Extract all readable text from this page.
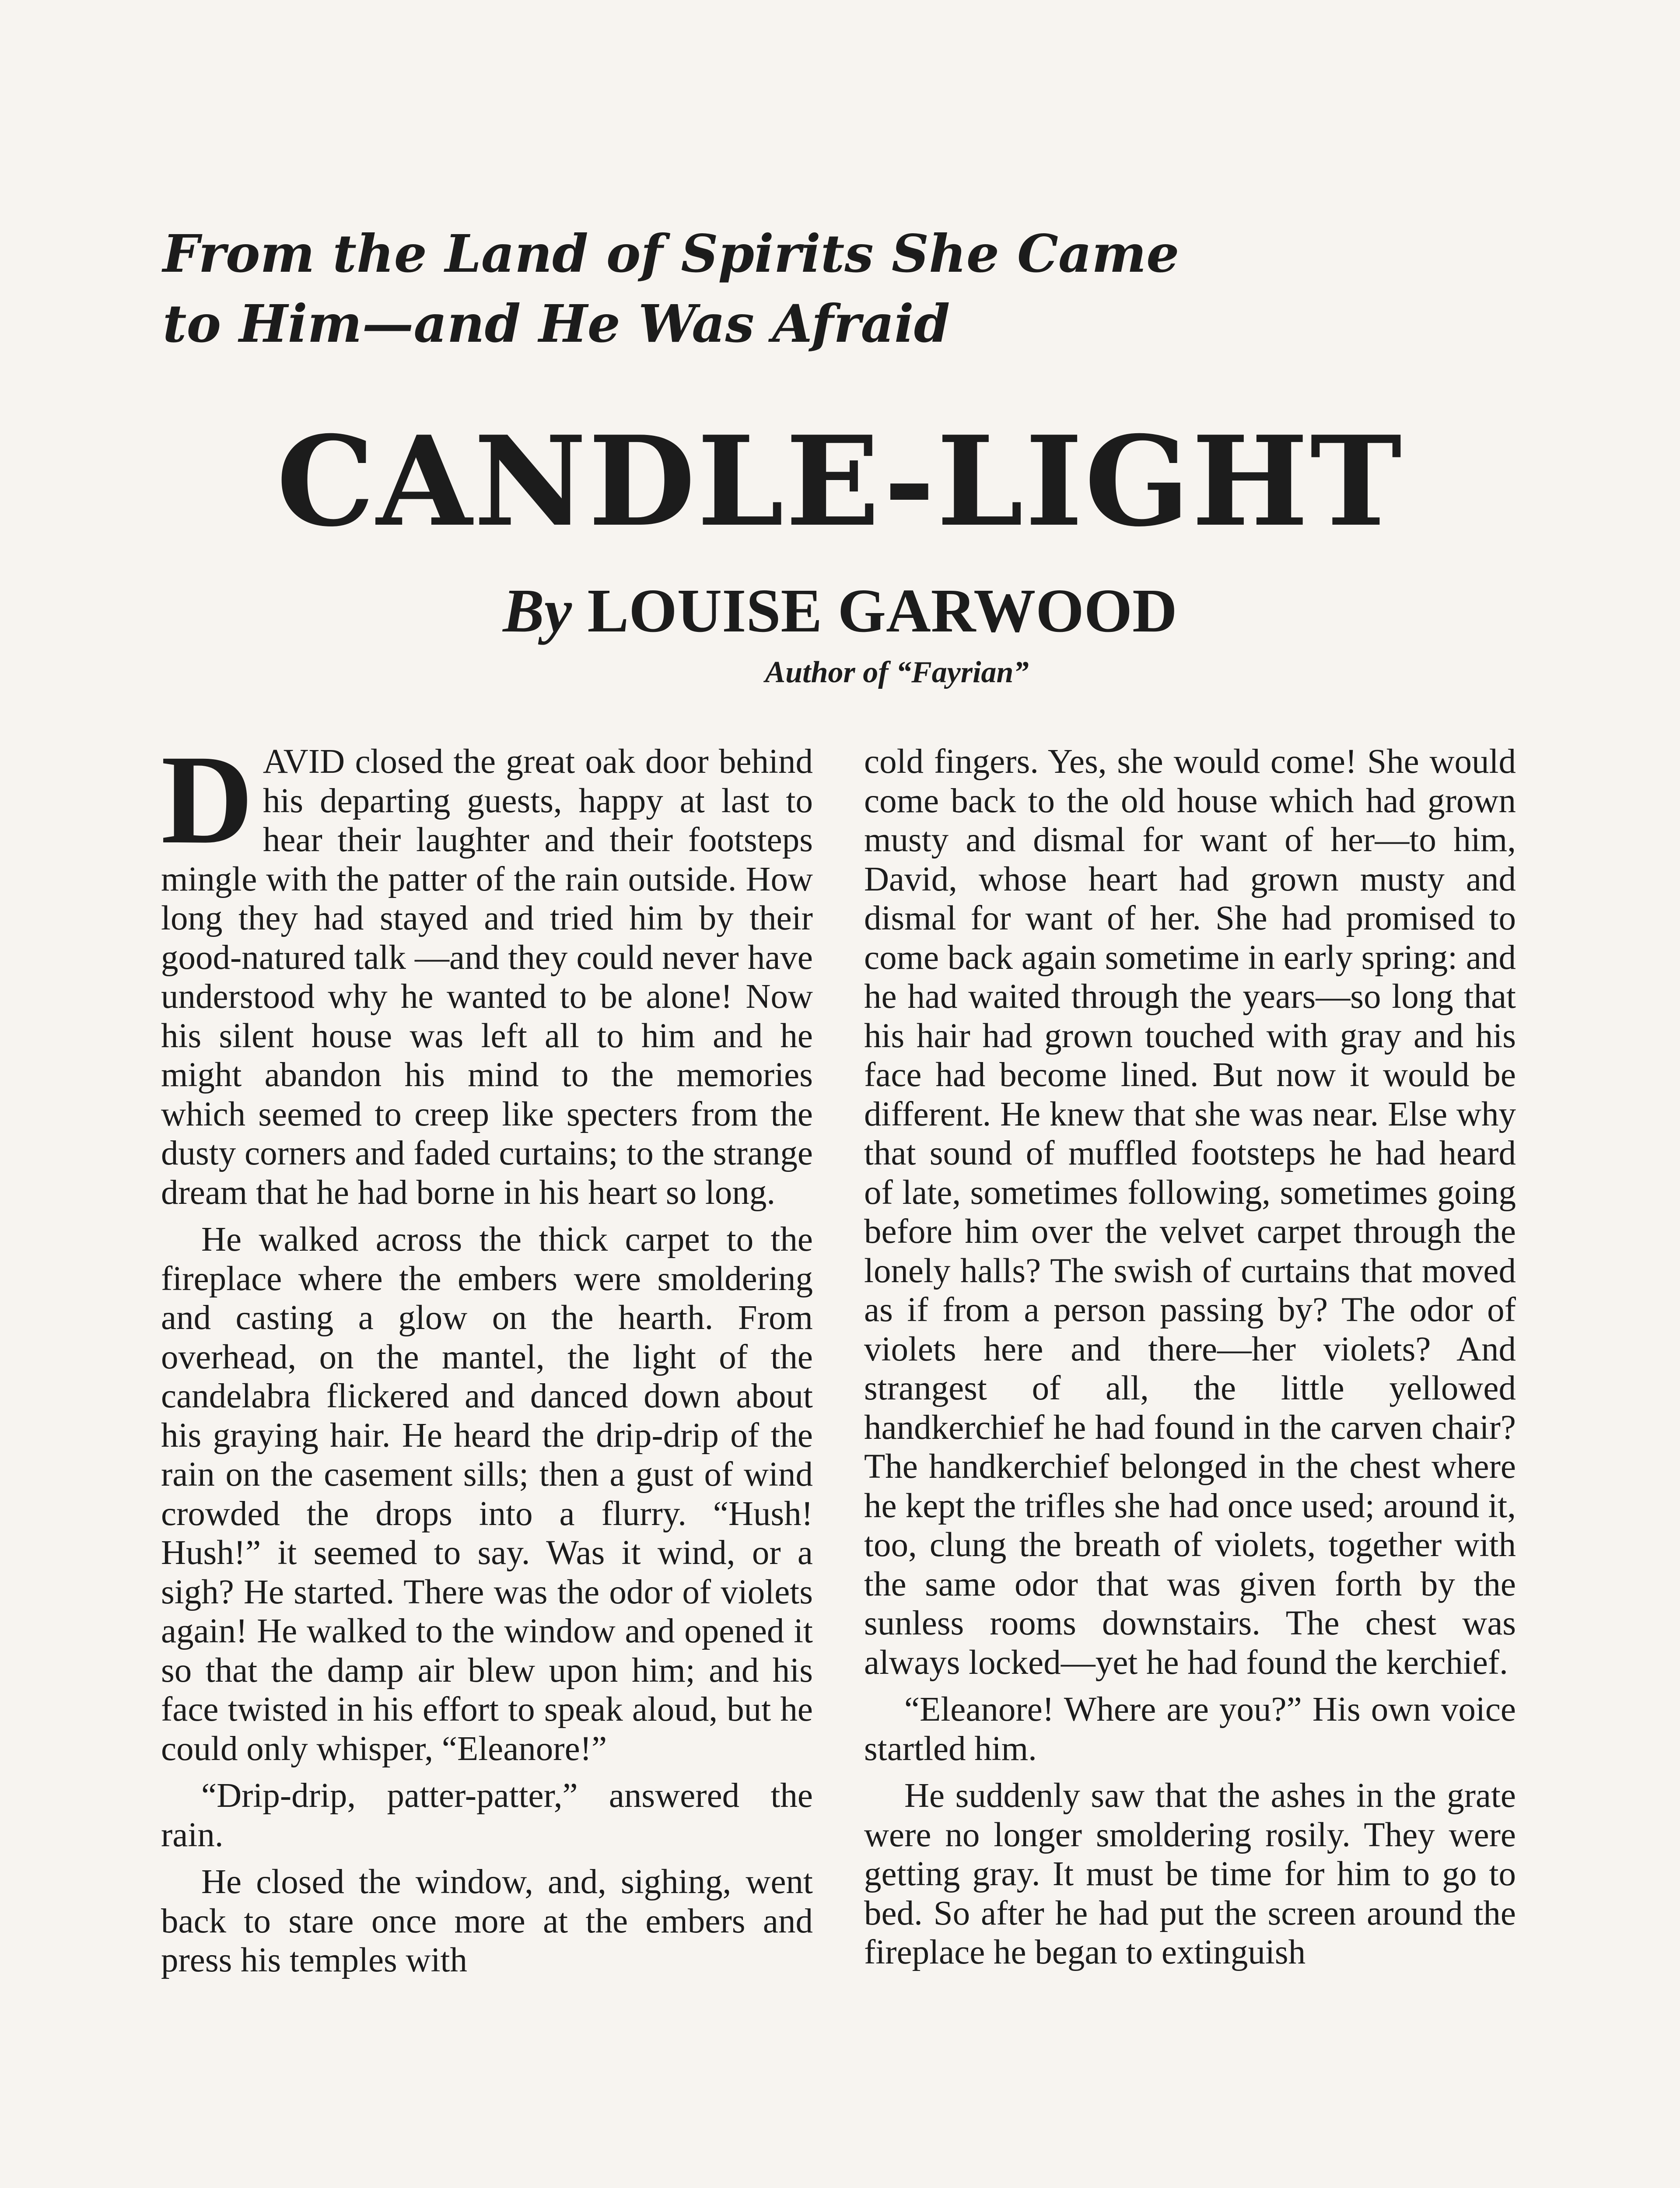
From the Land of Spirits She Came
to Him—and He Was Afraid
CANDLE-LIGHT
By LOUISE GARWOOD
Author of “Fayrian”

DAVID closed the great oak door behind his departing guests, happy at last to hear their laughter and their footsteps mingle with the patter of the rain outside. How long they had stayed and tried him by their good-natured talk —and they could never have understood why he wanted to be alone! Now his silent house was left all to him and he might abandon his mind to the memories which seemed to creep like specters from the dusty corners and faded curtains; to the strange dream that he had borne in his heart so long.

He walked across the thick carpet to the fireplace where the embers were smoldering and casting a glow on the hearth. From overhead, on the mantel, the light of the candelabra flickered and danced down about his graying hair. He heard the drip-drip of the rain on the casement sills; then a gust of wind crowded the drops into a flurry. “Hush! Hush!” it seemed to say. Was it wind, or a sigh? He started. There was the odor of violets again! He walked to the window and opened it so that the damp air blew upon him; and his face twisted in his effort to speak aloud, but he could only whisper, “Eleanore!”

“Drip-drip, patter-patter,” answered the rain.

He closed the window, and, sighing, went back to stare once more at the embers and press his temples with

cold fingers. Yes, she would come! She would come back to the old house which had grown musty and dismal for want of her—to him, David, whose heart had grown musty and dismal for want of her. She had promised to come back again sometime in early spring: and he had waited through the years—so long that his hair had grown touched with gray and his face had become lined. But now it would be different. He knew that she was near. Else why that sound of muffled footsteps he had heard of late, sometimes following, sometimes going before him over the velvet carpet through the lonely halls? The swish of curtains that moved as if from a person passing by? The odor of violets here and there—her violets? And strangest of all, the little yellowed handkerchief he had found in the carven chair? The handkerchief belonged in the chest where he kept the trifles she had once used; around it, too, clung the breath of violets, together with the same odor that was given forth by the sunless rooms downstairs. The chest was always locked—yet he had found the kerchief.

“Eleanore! Where are you?” His own voice startled him.

He suddenly saw that the ashes in the grate were no longer smoldering rosily. They were getting gray. It must be time for him to go to bed. So after he had put the screen around the fireplace he began to extinguish
